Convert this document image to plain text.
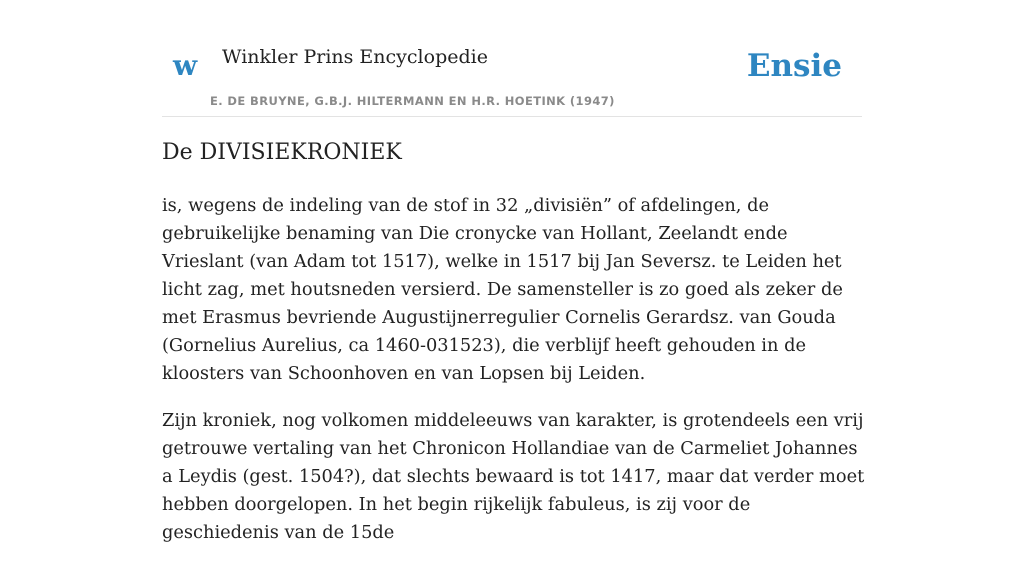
w Winkler Prins Encyclopedie
E. DE BRUYNE, G.B.J. HILTERMANN EN H.R. HOETINK (1947)
Ensie
De DIVISIEKRONIEK

is, wegens de indeling van de stof in 32 „divisiën” of afdelingen, de gebruikelijke benaming van Die cronycke van Hollant, Zeelandt ende Vrieslant (van Adam tot 1517), welke in 1517 bij Jan Seversz. te Leiden het licht zag, met houtsneden versierd. De samensteller is zo goed als zeker de met Erasmus bevriende Augustijnerregulier Cornelis Gerardsz. van Gouda (Gornelius Aurelius, ca 1460-031523), die verblijf heeft gehouden in de kloosters van Schoonhoven en van Lopsen bij Leiden.

Zijn kroniek, nog volkomen middeleeuws van karakter, is grotendeels een vrij getrouwe vertaling van het Chronicon Hollandiae van de Carmeliet Johannes a Leydis (gest. 1504?), dat slechts bewaard is tot 1417, maar dat verder moet hebben doorgelopen. In het begin rijkelijk fabuleus, is zij voor de geschiedenis van de 15de
